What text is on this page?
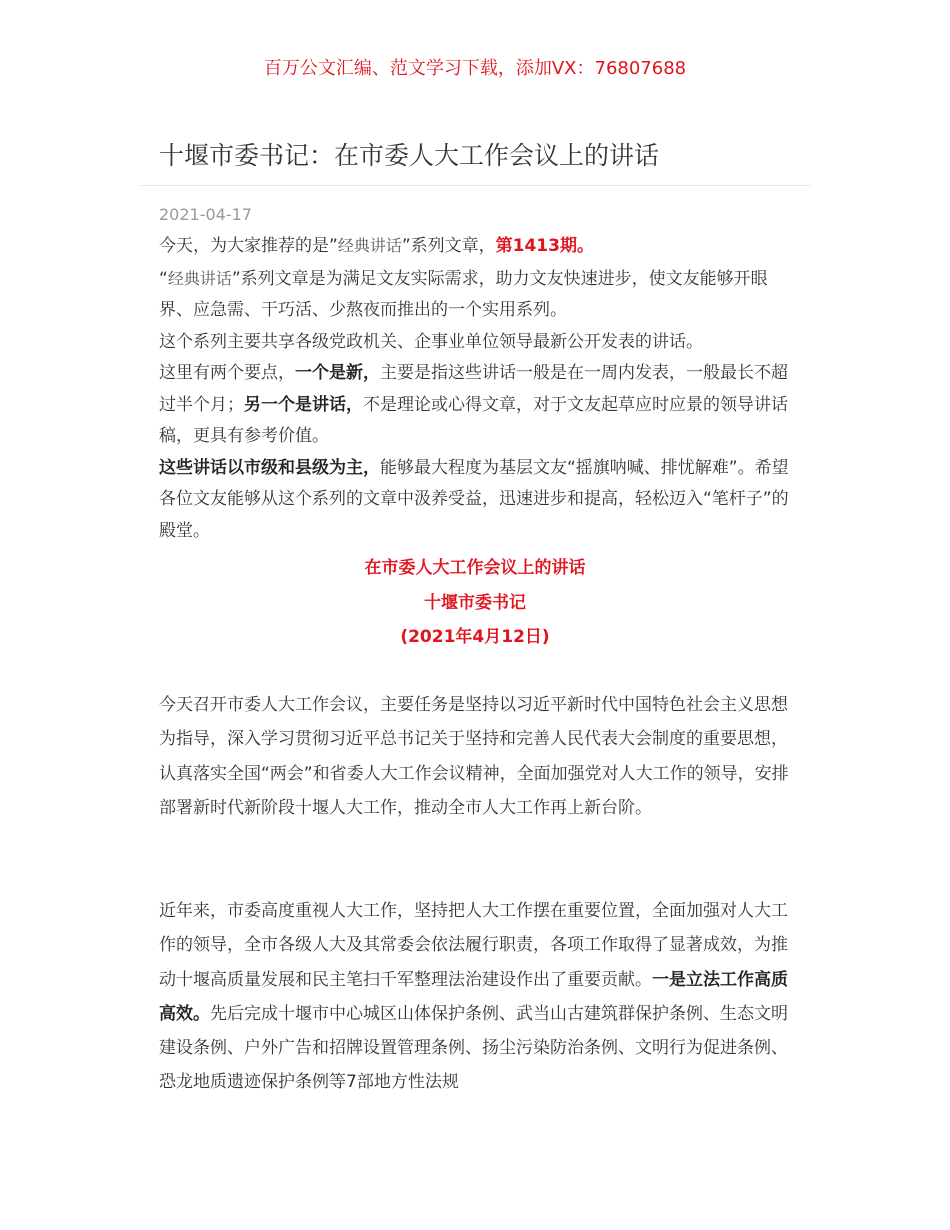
百万公文汇编、范文学习下载，添加VX：76807688
十堰市委书记：在市委人大工作会议上的讲话
2021-04-17

今天，为大家推荐的是”经典讲话”系列文章，第1413期。

“经典讲话”系列文章是为满足文友实际需求，助力文友快速进步，使文友能够开眼界、应急需、干巧活、少熬夜而推出的一个实用系列。

这个系列主要共享各级党政机关、企事业单位领导最新公开发表的讲话。

这里有两个要点，一个是新，主要是指这些讲话一般是在一周内发表，一般最长不超过半个月；另一个是讲话，不是理论或心得文章，对于文友起草应时应景的领导讲话稿，更具有参考价值。

这些讲话以市级和县级为主，能够最大程度为基层文友“摇旗呐喊、排忧解难”。希望各位文友能够从这个系列的文章中汲养受益，迅速进步和提高，轻松迈入“笔杆子”的殿堂。

在市委人大工作会议上的讲话
十堰市委书记
(2021年4月12日)

今天召开市委人大工作会议，主要任务是坚持以习近平新时代中国特色社会主义思想为指导，深入学习贯彻习近平总书记关于坚持和完善人民代表大会制度的重要思想，认真落实全国“两会”和省委人大工作会议精神，全面加强党对人大工作的领导，安排部署新时代新阶段十堰人大工作，推动全市人大工作再上新台阶。

近年来，市委高度重视人大工作，坚持把人大工作摆在重要位置，全面加强对人大工作的领导，全市各级人大及其常委会依法履行职责，各项工作取得了显著成效，为推动十堰高质量发展和民主笔扫千军整理法治建设作出了重要贡献。一是立法工作高质高效。先后完成十堰市中心城区山体保护条例、武当山古建筑群保护条例、生态文明建设条例、户外广告和招牌设置管理条例、扬尘污染防治条例、文明行为促进条例、恐龙地质遗迹保护条例等7部地方性法规
